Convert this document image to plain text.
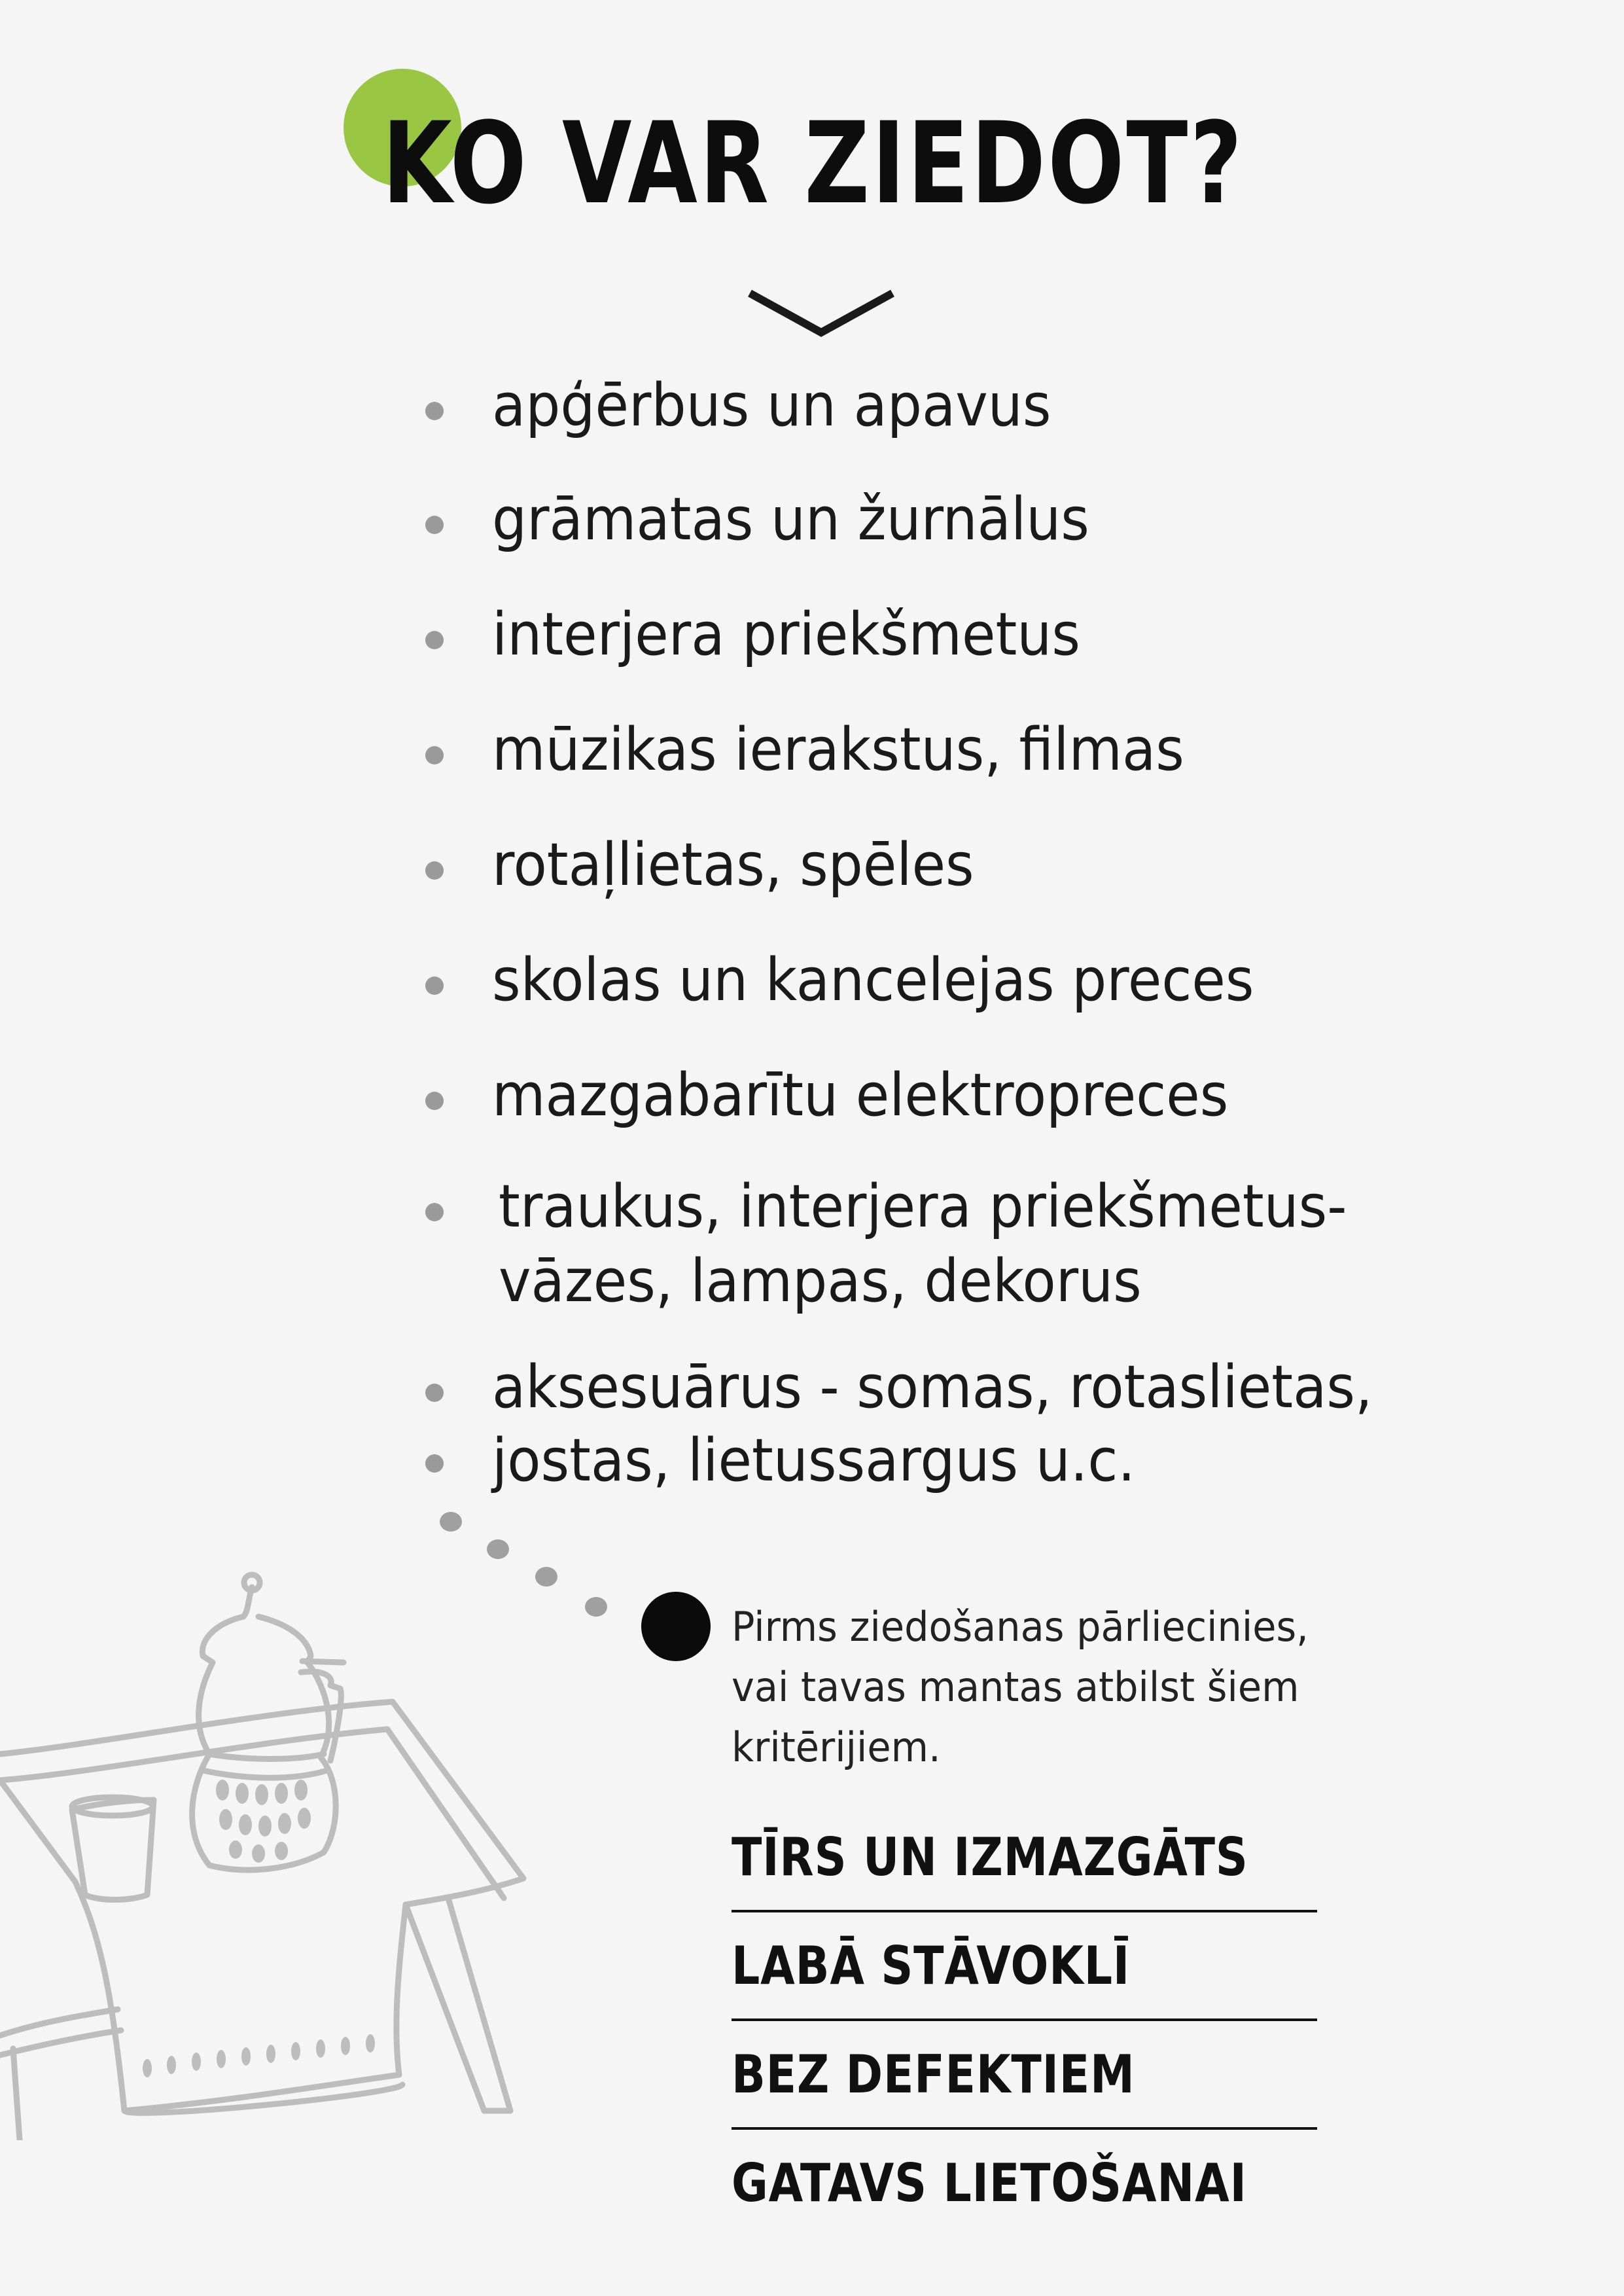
KO VAR ZIEDOT?
apģērbus un apavus
grāmatas un žurnālus
interjera priekšmetus
mūzikas ierakstus, filmas
rotaļlietas, spēles
skolas un kancelejas preces
mazgabarītu elektropreces
traukus, interjera priekšmetus-
vāzes, lampas, dekorus
aksesuārus - somas, rotaslietas,
jostas, lietussargus u.c.
Pirms ziedošanas pārliecinies,
vai tavas mantas atbilst šiem
kritērijiem.
TĪRS UN IZMAZGĀTS
LABĀ STĀVOKLĪ
BEZ DEFEKTIEM
GATAVS LIETOŠANAI
